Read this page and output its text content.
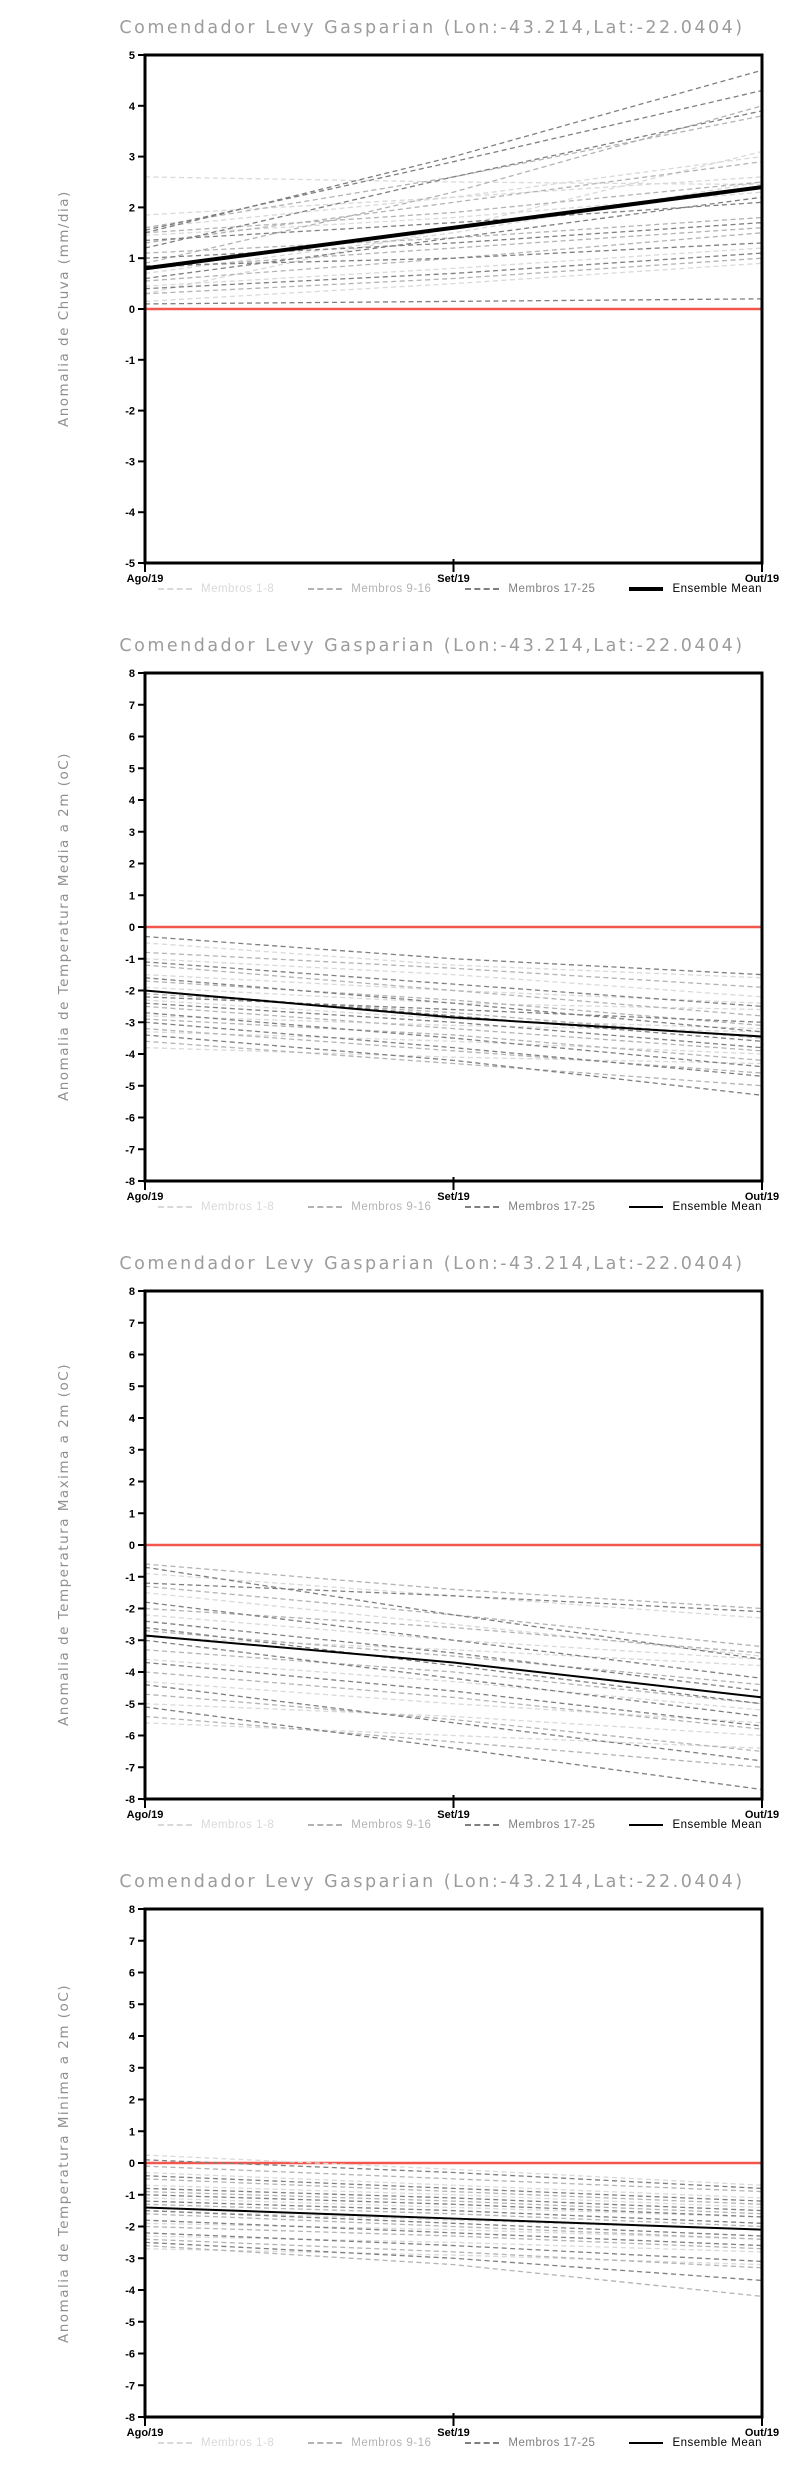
Comendador Levy Gasparian (Lon:-43.214,Lat:-22.0404)
Anomalia de Chuva (mm/dia)
-5
-4
-3
-2
-1
0
1
2
3
4
5
Ago/19	Set/19	Out/19
Membros 1-8	Membros 9-16	Membros 17-25	Ensemble Mean
Comendador Levy Gasparian (Lon:-43.214,Lat:-22.0404)
Anomalia de Temperatura Media a 2m (oC)
-8
-7
-6
-5
-4
-3
-2
-1
0
1
2
3
4
5
6
7
8
Ago/19	Set/19	Out/19
Membros 1-8	Membros 9-16	Membros 17-25	Ensemble Mean
Comendador Levy Gasparian (Lon:-43.214,Lat:-22.0404)
Anomalia de Temperatura Maxima a 2m (oC)
-8
-7
-6
-5
-4
-3
-2
-1
0
1
2
3
4
5
6
7
8
Ago/19	Set/19	Out/19
Membros 1-8	Membros 9-16	Membros 17-25	Ensemble Mean
Comendador Levy Gasparian (Lon:-43.214,Lat:-22.0404)
Anomalia de Temperatura Minima a 2m (oC)
-8
-7
-6
-5
-4
-3
-2
-1
0
1
2
3
4
5
6
7
8
Ago/19	Set/19	Out/19
Membros 1-8	Membros 9-16	Membros 17-25	Ensemble Mean
